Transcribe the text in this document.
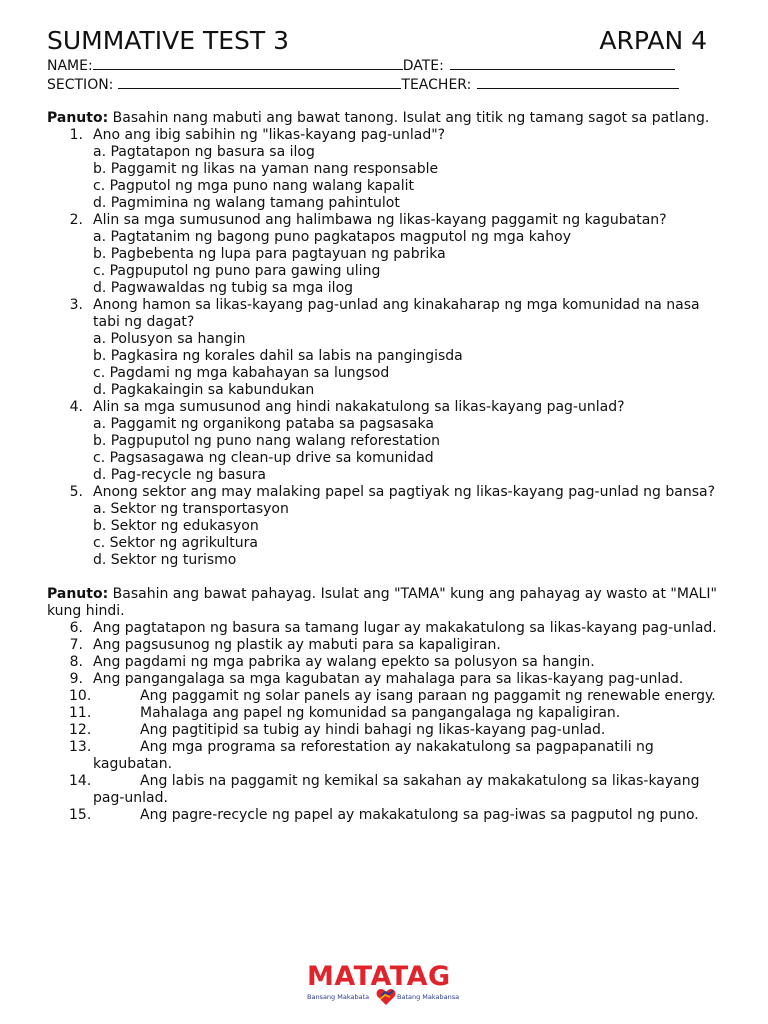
SUMMATIVE TEST 3	ARPAN 4
NAME:	DATE:
SECTION:	TEACHER:
Panuto: Basahin nang mabuti ang bawat tanong. Isulat ang titik ng tamang sagot sa patlang.
1. Ano ang ibig sabihin ng "likas-kayang pag-unlad"?
a. Pagtatapon ng basura sa ilog
b. Paggamit ng likas na yaman nang responsable
c. Pagputol ng mga puno nang walang kapalit
d. Pagmimina ng walang tamang pahintulot
2. Alin sa mga sumusunod ang halimbawa ng likas-kayang paggamit ng kagubatan?
a. Pagtatanim ng bagong puno pagkatapos magputol ng mga kahoy
b. Pagbebenta ng lupa para pagtayuan ng pabrika
c. Pagpuputol ng puno para gawing uling
d. Pagwawaldas ng tubig sa mga ilog
3. Anong hamon sa likas-kayang pag-unlad ang kinakaharap ng mga komunidad na nasa tabi ng dagat?
a. Polusyon sa hangin
b. Pagkasira ng korales dahil sa labis na pangingisda
c. Pagdami ng mga kabahayan sa lungsod
d. Pagkakaingin sa kabundukan
4. Alin sa mga sumusunod ang hindi nakakatulong sa likas-kayang pag-unlad?
a. Paggamit ng organikong pataba sa pagsasaka
b. Pagpuputol ng puno nang walang reforestation
c. Pagsasagawa ng clean-up drive sa komunidad
d. Pag-recycle ng basura
5. Anong sektor ang may malaking papel sa pagtiyak ng likas-kayang pag-unlad ng bansa?
a. Sektor ng transportasyon
b. Sektor ng edukasyon
c. Sektor ng agrikultura
d. Sektor ng turismo
Panuto: Basahin ang bawat pahayag. Isulat ang "TAMA" kung ang pahayag ay wasto at "MALI" kung hindi.
6. Ang pagtatapon ng basura sa tamang lugar ay makakatulong sa likas-kayang pag-unlad.
7. Ang pagsusunog ng plastik ay mabuti para sa kapaligiran.
8. Ang pagdami ng mga pabrika ay walang epekto sa polusyon sa hangin.
9. Ang pangangalaga sa mga kagubatan ay mahalaga para sa likas-kayang pag-unlad.
10.	Ang paggamit ng solar panels ay isang paraan ng paggamit ng renewable energy.
11.	Mahalaga ang papel ng komunidad sa pangangalaga ng kapaligiran.
12.	Ang pagtitipid sa tubig ay hindi bahagi ng likas-kayang pag-unlad.
13.	Ang mga programa sa reforestation ay nakakatulong sa pagpapanatili ng kagubatan.
14.	Ang labis na paggamit ng kemikal sa sakahan ay makakatulong sa likas-kayang pag-unlad.
15.	Ang pagre-recycle ng papel ay makakatulong sa pag-iwas sa pagputol ng puno.
MATATAG
Bansang Makabata	Batang Makabansa
